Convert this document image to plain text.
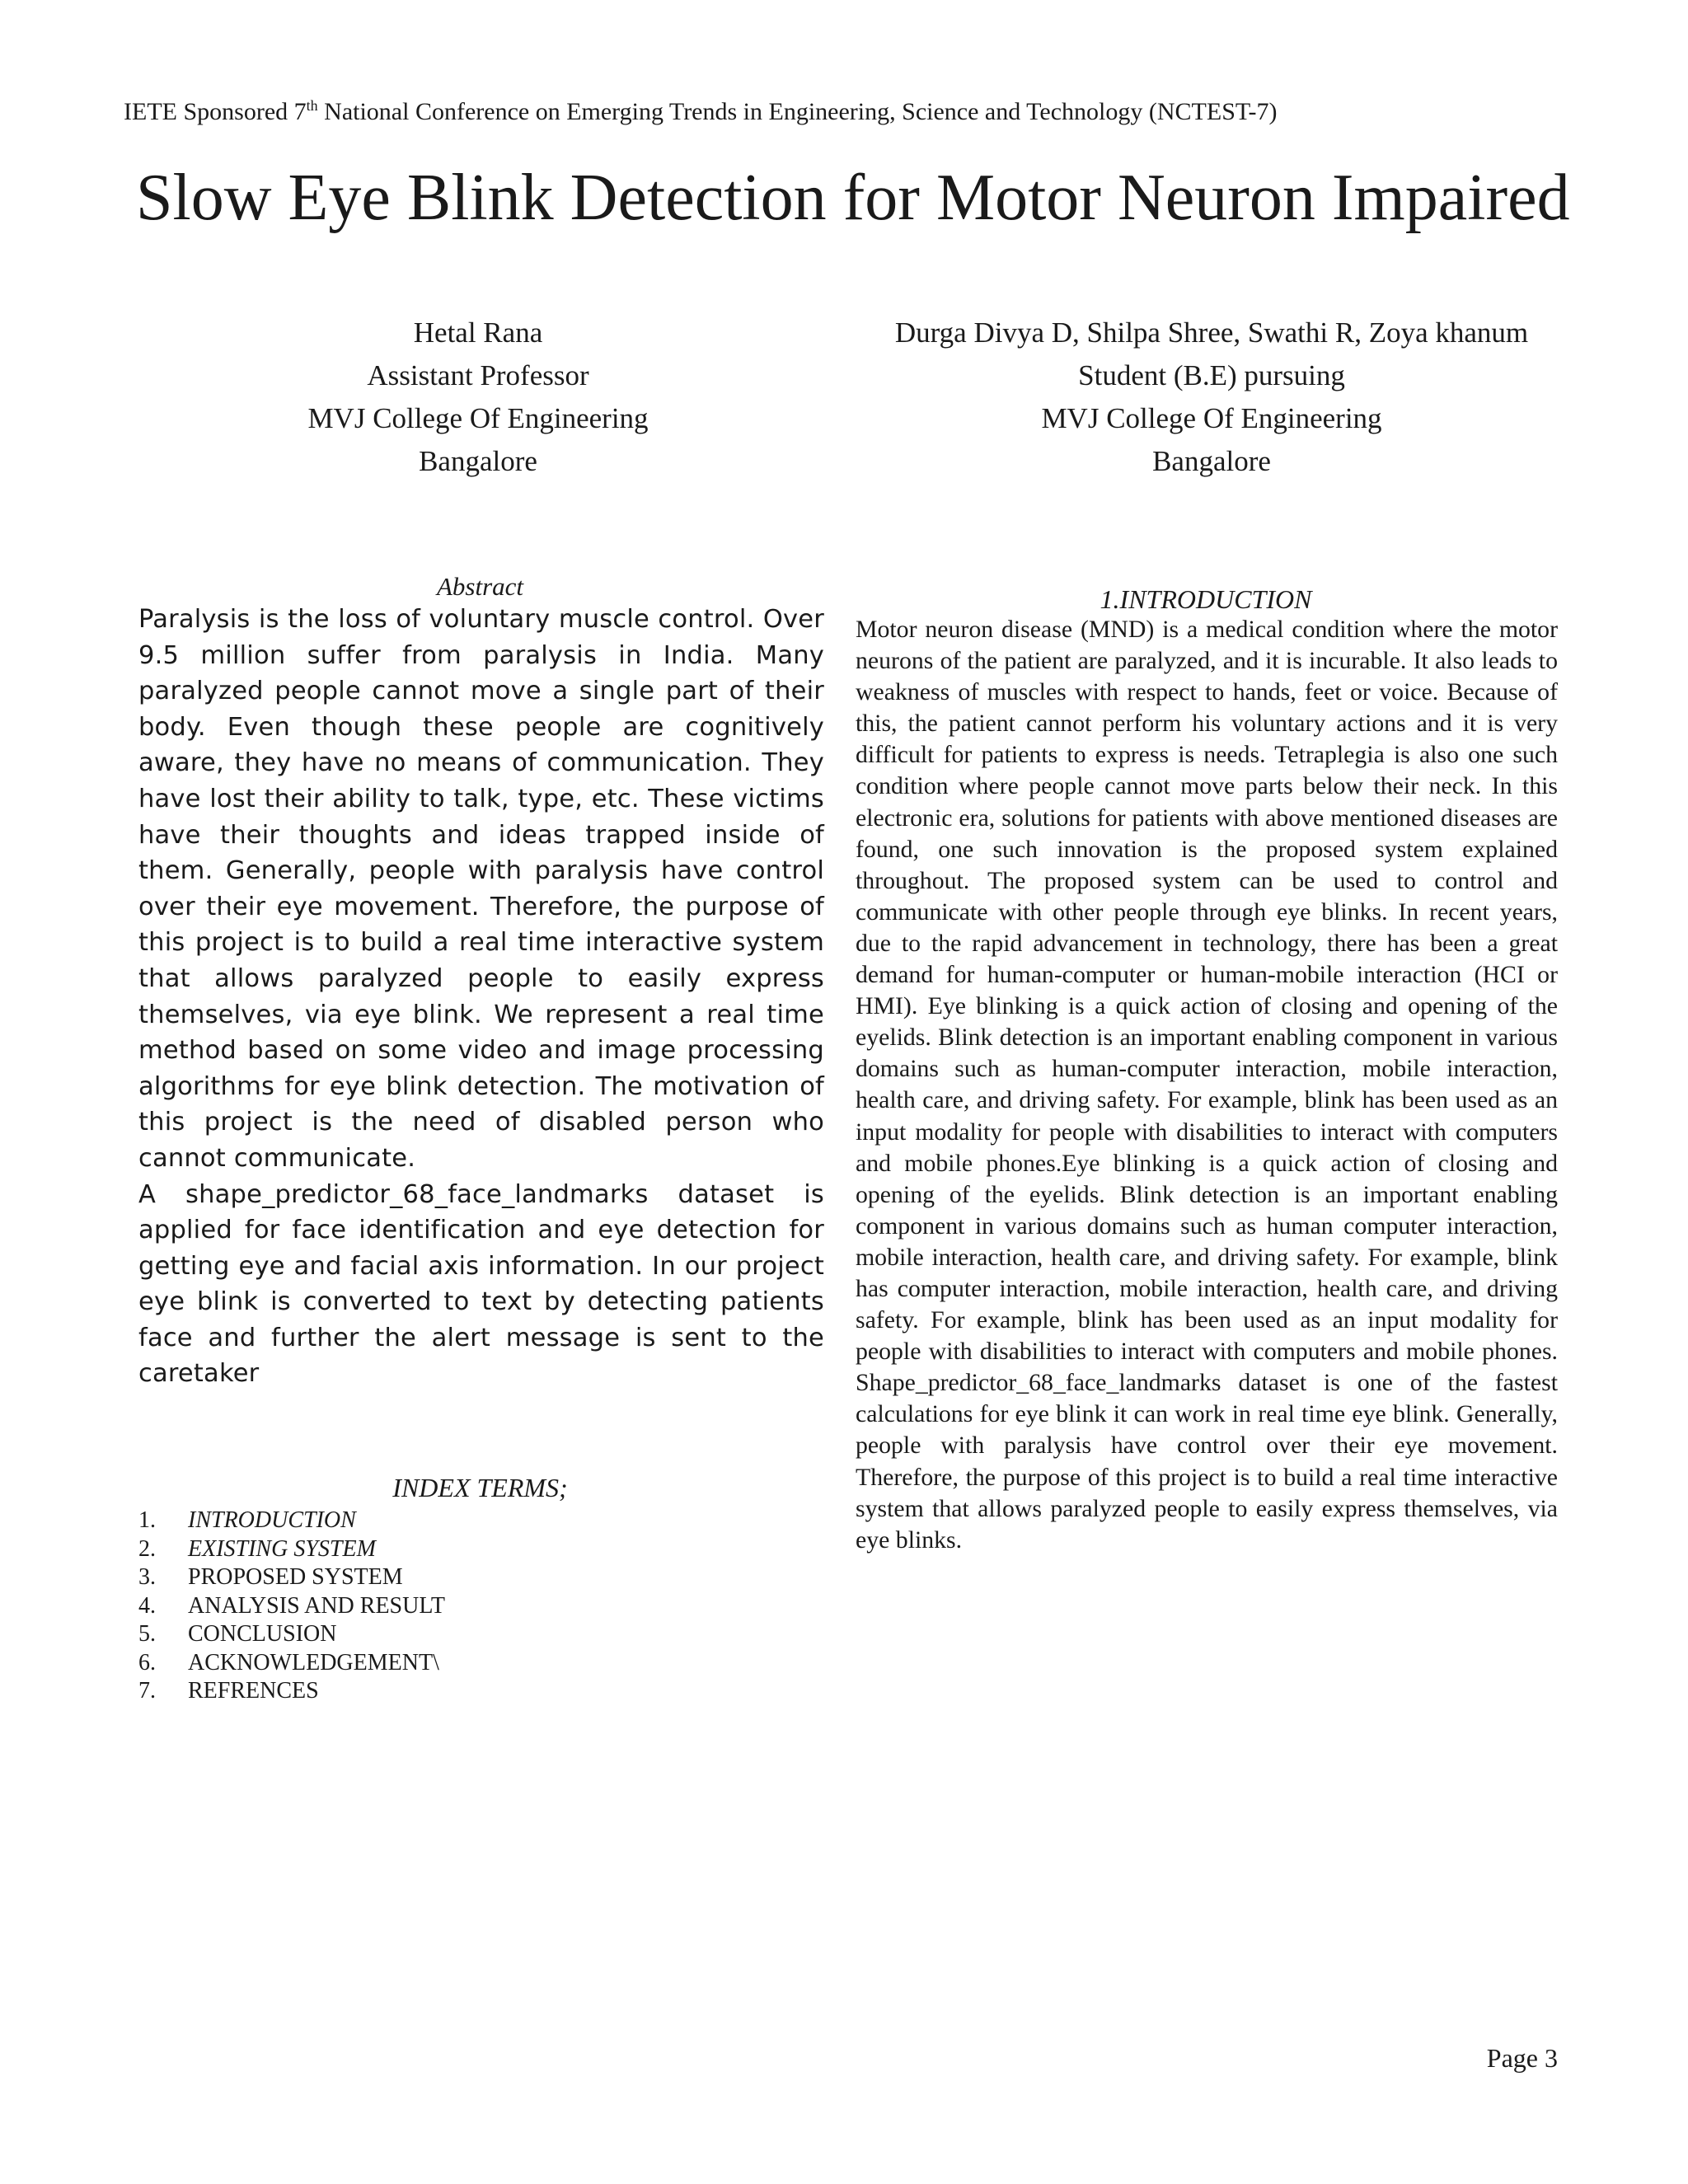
IETE Sponsored 7th National Conference on Emerging Trends in Engineering, Science and Technology (NCTEST-7)
Slow Eye Blink Detection for Motor Neuron Impaired
Hetal Rana
Assistant Professor
MVJ College Of Engineering
Bangalore
Durga Divya D, Shilpa Shree, Swathi R, Zoya khanum
Student (B.E) pursuing
MVJ College Of Engineering
Bangalore
Abstract

Paralysis is the loss of voluntary muscle control. Over 9.5 million suffer from paralysis in India. Many paralyzed people cannot move a single part of their body. Even though these people are cognitively aware, they have no means of communication. They have lost their ability to talk, type, etc. These victims have their thoughts and ideas trapped inside of them. Generally, people with paralysis have control over their eye movement. Therefore, the purpose of this project is to build a real time interactive system that allows paralyzed people to easily express themselves, via eye blink. We represent a real time method based on some video and image processing algorithms for eye blink detection. The motivation of this project is the need of disabled person who cannot communicate.

A shape_predictor_68_face_landmarks dataset is applied for face identification and eye detection for getting eye and facial axis information. In our project eye blink is converted to text by detecting patients face and further the alert message is sent to the caretaker

INDEX TERMS;
1.	INTRODUCTION
2.	EXISTING SYSTEM
3.	PROPOSED SYSTEM
4.	ANALYSIS AND RESULT
5.	CONCLUSION
6.	ACKNOWLEDGEMENT\
7.	REFRENCES
1.INTRODUCTION

Motor neuron disease (MND) is a medical condition where the motor neurons of the patient are paralyzed, and it is incurable. It also leads to weakness of muscles with respect to hands, feet or voice. Because of this, the patient cannot perform his voluntary actions and it is very difficult for patients to express is needs. Tetraplegia is also one such condition where people cannot move parts below their neck. In this electronic era, solutions for patients with above mentioned diseases are found, one such innovation is the proposed system explained throughout. The proposed system can be used to control and communicate with other people through eye blinks. In recent years, due to the rapid advancement in technology, there has been a great demand for human-computer or human-mobile interaction (HCI or HMI). Eye blinking is a quick action of closing and opening of the eyelids. Blink detection is an important enabling component in various domains such as human-computer interaction, mobile interaction, health care, and driving safety. For example, blink has been used as an input modality for people with disabilities to interact with computers and mobile phones.Eye blinking is a quick action of closing and opening of the eyelids. Blink detection is an important enabling component in various domains such as human computer interaction, mobile interaction, health care, and driving safety. For example, blink has computer interaction, mobile interaction, health care, and driving safety. For example, blink has been used as an input modality for people with disabilities to interact with computers and mobile phones. Shape_predictor_68_face_landmarks dataset is one of the fastest calculations for eye blink it can work in real time eye blink. Generally, people with paralysis have control over their eye movement. Therefore, the purpose of this project is to build a real time interactive system that allows paralyzed people to easily express themselves, via eye blinks.

Page 3
